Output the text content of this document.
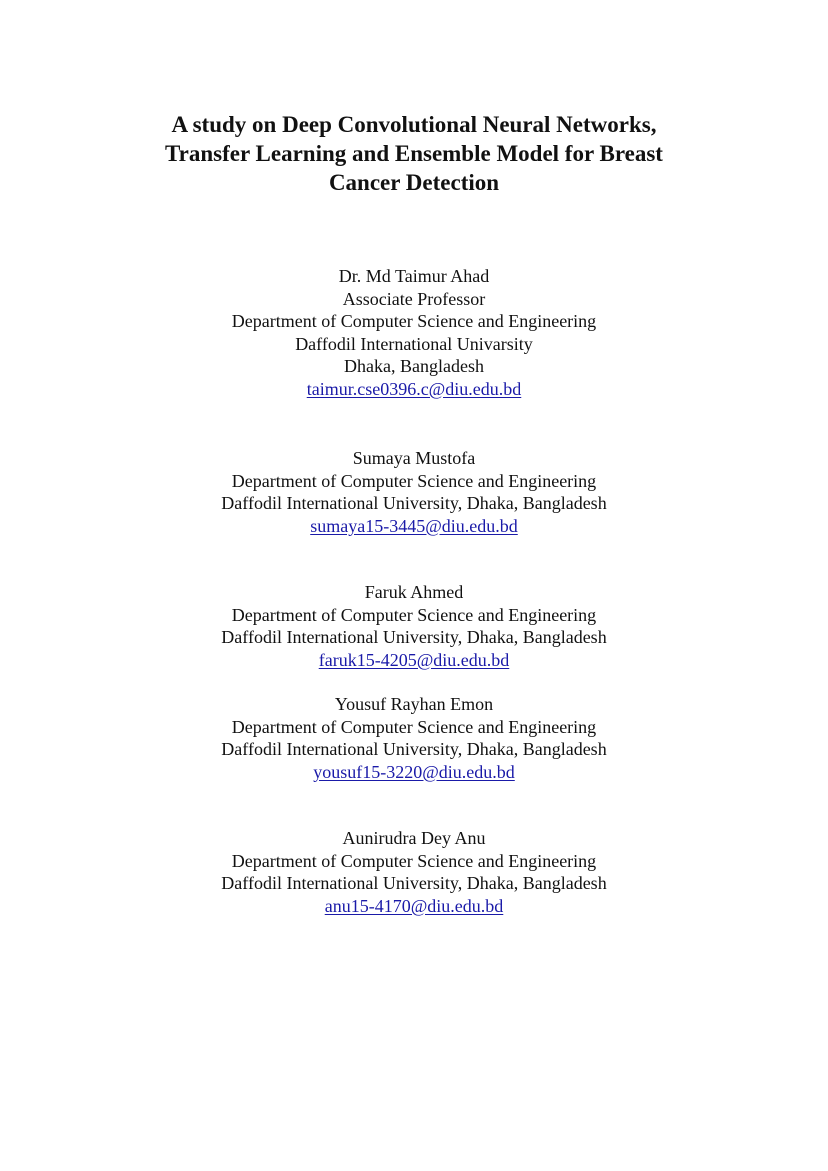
A study on Deep Convolutional Neural Networks,
Transfer Learning and Ensemble Model for Breast
Cancer Detection
Dr. Md Taimur Ahad
Associate Professor
Department of Computer Science and Engineering
Daffodil International Univarsity
Dhaka, Bangladesh
taimur.cse0396.c@diu.edu.bd
Sumaya Mustofa
Department of Computer Science and Engineering
Daffodil International University, Dhaka, Bangladesh
sumaya15-3445@diu.edu.bd
Faruk Ahmed
Department of Computer Science and Engineering
Daffodil International University, Dhaka, Bangladesh
faruk15-4205@diu.edu.bd
Yousuf Rayhan Emon
Department of Computer Science and Engineering
Daffodil International University, Dhaka, Bangladesh
yousuf15-3220@diu.edu.bd
Aunirudra Dey Anu
Department of Computer Science and Engineering
Daffodil International University, Dhaka, Bangladesh
anu15-4170@diu.edu.bd
